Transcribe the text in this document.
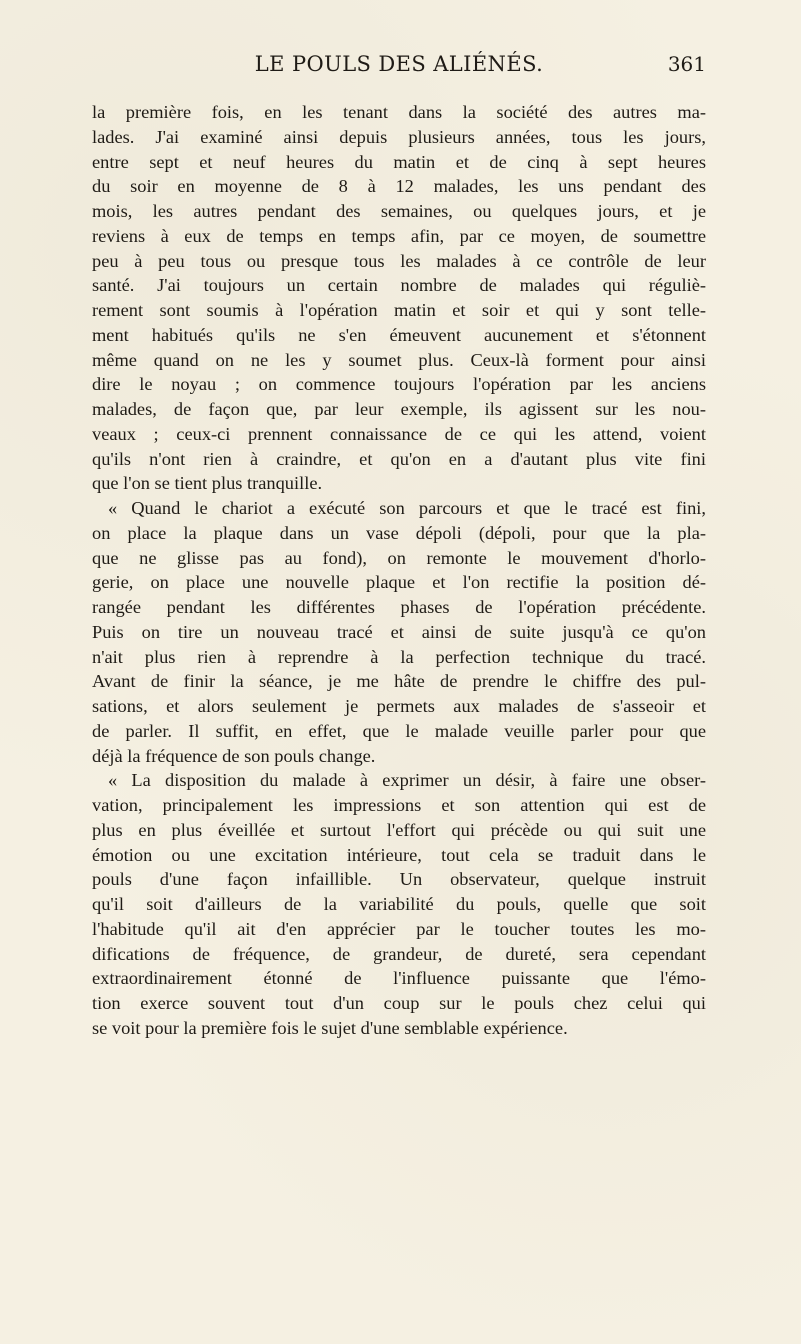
LE POULS DES ALIÉNÉS.	361
la première fois, en les tenant dans la société des autres ma-
lades. J'ai examiné ainsi depuis plusieurs années, tous les jours,
entre sept et neuf heures du matin et de cinq à sept heures
du soir en moyenne de 8 à 12 malades, les uns pendant des
mois, les autres pendant des semaines, ou quelques jours, et je
reviens à eux de temps en temps afin, par ce moyen, de soumettre
peu à peu tous ou presque tous les malades à ce contrôle de leur
santé. J'ai toujours un certain nombre de malades qui réguliè-
rement sont soumis à l'opération matin et soir et qui y sont telle-
ment habitués qu'ils ne s'en émeuvent aucunement et s'étonnent
même quand on ne les y soumet plus. Ceux-là forment pour ainsi
dire le noyau ; on commence toujours l'opération par les anciens
malades, de façon que, par leur exemple, ils agissent sur les nou-
veaux ; ceux-ci prennent connaissance de ce qui les attend, voient
qu'ils n'ont rien à craindre, et qu'on en a d'autant plus vite fini
que l'on se tient plus tranquille.
« Quand le chariot a exécuté son parcours et que le tracé est fini,
on place la plaque dans un vase dépoli (dépoli, pour que la pla-
que ne glisse pas au fond), on remonte le mouvement d'horlo-
gerie, on place une nouvelle plaque et l'on rectifie la position dé-
rangée pendant les différentes phases de l'opération précédente.
Puis on tire un nouveau tracé et ainsi de suite jusqu'à ce qu'on
n'ait plus rien à reprendre à la perfection technique du tracé.
Avant de finir la séance, je me hâte de prendre le chiffre des pul-
sations, et alors seulement je permets aux malades de s'asseoir et
de parler. Il suffit, en effet, que le malade veuille parler pour que
déjà la fréquence de son pouls change.
« La disposition du malade à exprimer un désir, à faire une obser-
vation, principalement les impressions et son attention qui est de
plus en plus éveillée et surtout l'effort qui précède ou qui suit une
émotion ou une excitation intérieure, tout cela se traduit dans le
pouls d'une façon infaillible. Un observateur, quelque instruit
qu'il soit d'ailleurs de la variabilité du pouls, quelle que soit
l'habitude qu'il ait d'en apprécier par le toucher toutes les mo-
difications de fréquence, de grandeur, de dureté, sera cependant
extraordinairement étonné de l'influence puissante que l'émo-
tion exerce souvent tout d'un coup sur le pouls chez celui qui
se voit pour la première fois le sujet d'une semblable expérience.
